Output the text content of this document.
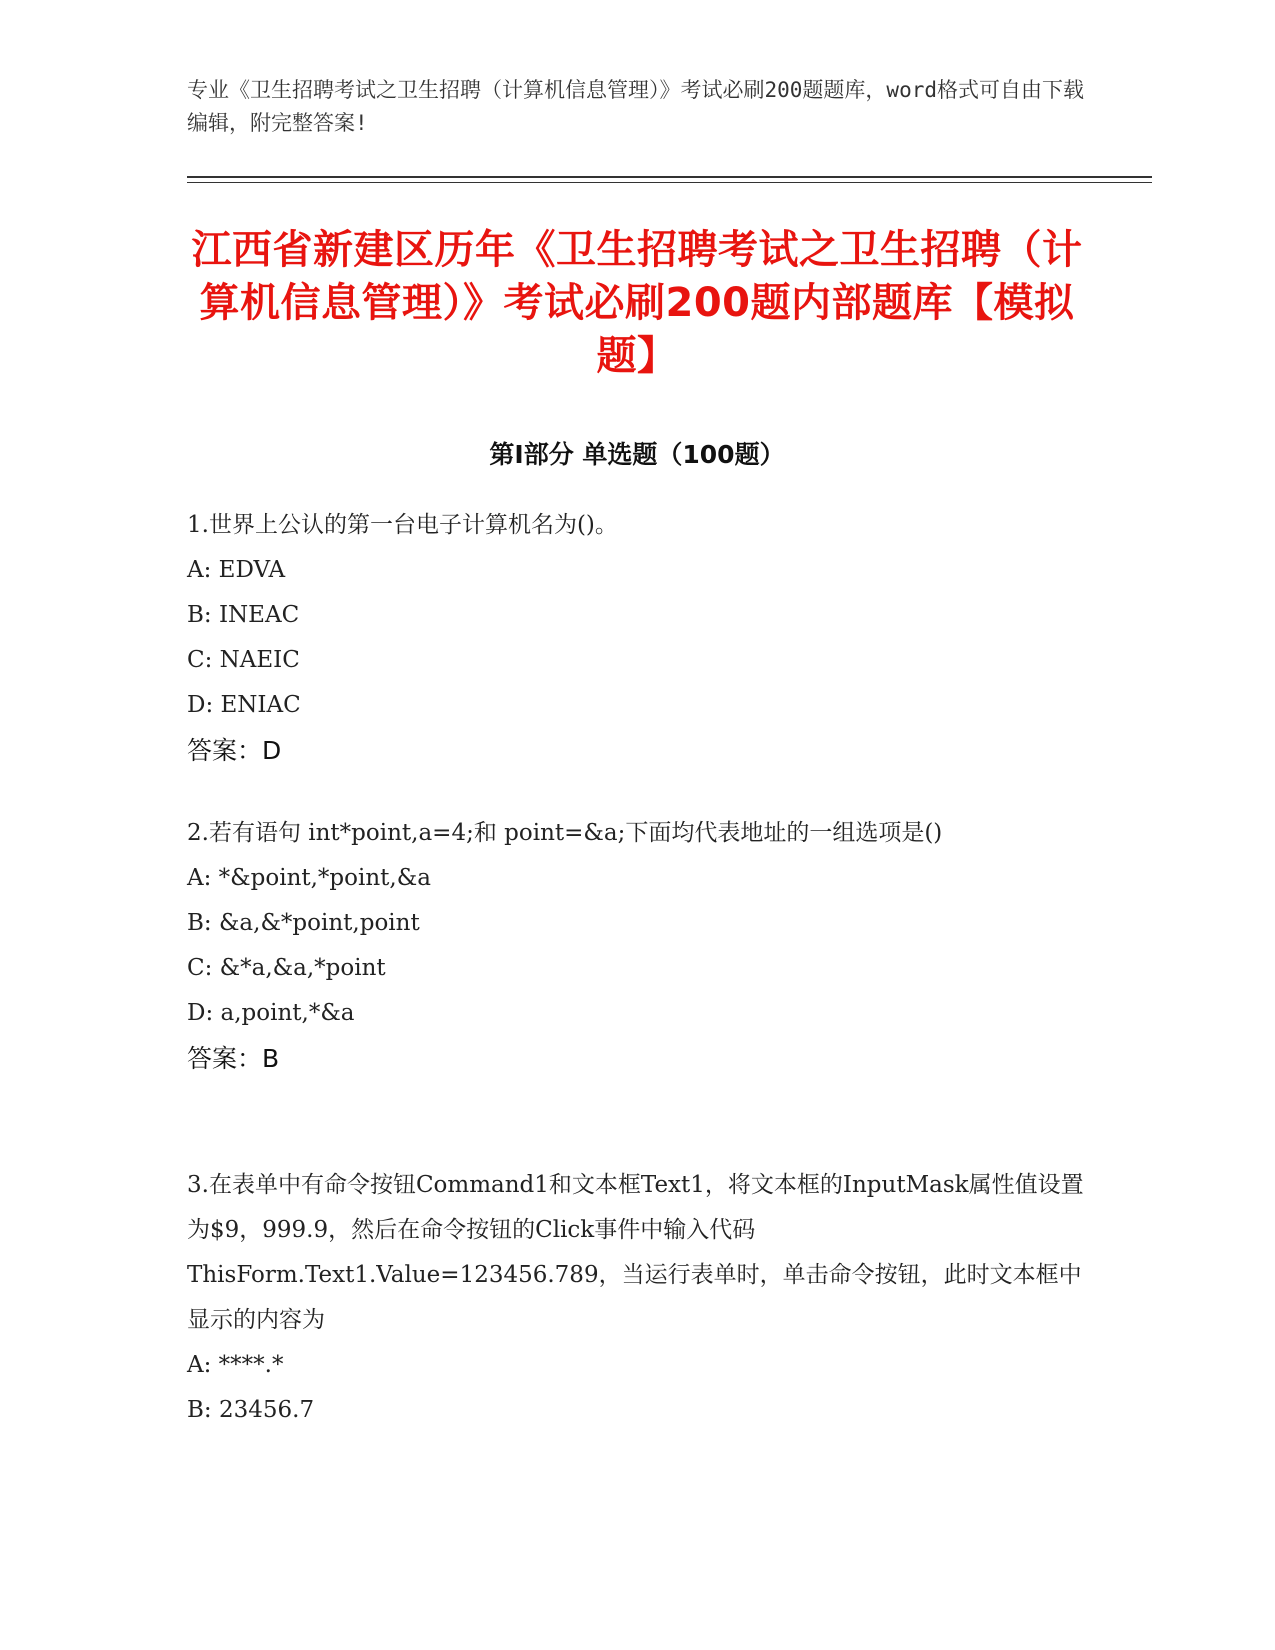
专业《卫生招聘考试之卫生招聘（计算机信息管理）》考试必刷200题题库，word格式可自由下载编辑，附完整答案!

江西省新建区历年《卫生招聘考试之卫生招聘（计算机信息管理）》考试必刷200题内部题库【模拟题】
第I部分 单选题（100题）

1.世界上公认的第一台电子计算机名为()。

A: EDVA

B: INEAC

C: NAEIC

D: ENIAC

答案：D

2.若有语句 int*point,a=4;和 point=&a;下面均代表地址的一组选项是()

A: *&point,*point,&a

B: &a,&*point,point

C: &*a,&a,*point

D: a,point,*&a

答案：B

3.在表单中有命令按钮Command1和文本框Text1，将文本框的InputMask属性值设置为$9，999.9，然后在命令按钮的Click事件中输入代码ThisForm.Text1.Value=123456.789，当运行表单时，单击命令按钮，此时文本框中显示的内容为

A: ****.*

B: 23456.7
